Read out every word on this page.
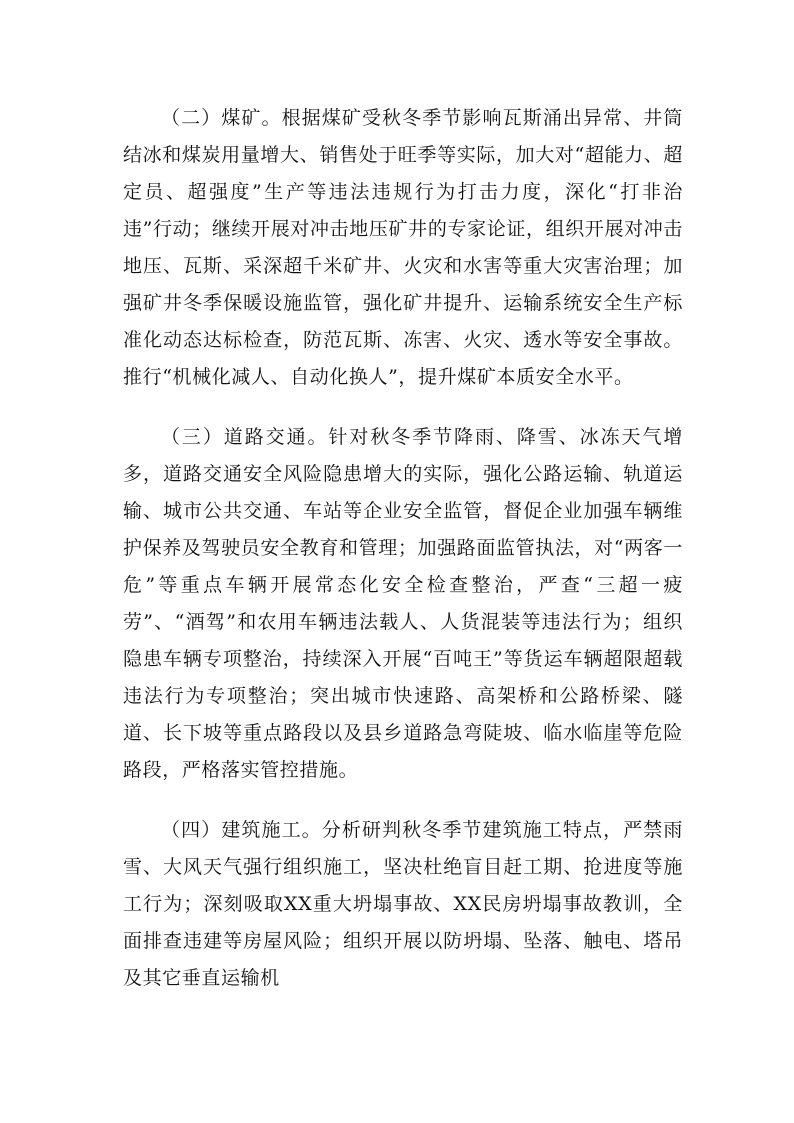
（二）煤矿。根据煤矿受秋冬季节影响瓦斯涌出异常、井筒结冰和煤炭用量增大、销售处于旺季等实际，加大对“超能力、超定员、超强度”生产等违法违规行为打击力度，深化“打非治违”行动；继续开展对冲击地压矿井的专家论证，组织开展对冲击地压、瓦斯、采深超千米矿井、火灾和水害等重大灾害治理；加强矿井冬季保暖设施监管，强化矿井提升、运输系统安全生产标准化动态达标检查，防范瓦斯、冻害、火灾、透水等安全事故。推行“机械化减人、自动化换人”，提升煤矿本质安全水平。

（三）道路交通。针对秋冬季节降雨、降雪、冰冻天气增多，道路交通安全风险隐患增大的实际，强化公路运输、轨道运输、城市公共交通、车站等企业安全监管，督促企业加强车辆维护保养及驾驶员安全教育和管理；加强路面监管执法，对“两客一危”等重点车辆开展常态化安全检查整治，严查“三超一疲劳”、“酒驾”和农用车辆违法载人、人货混装等违法行为；组织隐患车辆专项整治，持续深入开展“百吨王”等货运车辆超限超载违法行为专项整治；突出城市快速路、高架桥和公路桥梁、隧道、长下坡等重点路段以及县乡道路急弯陡坡、临水临崖等危险路段，严格落实管控措施。

（四）建筑施工。分析研判秋冬季节建筑施工特点，严禁雨雪、大风天气强行组织施工，坚决杜绝盲目赶工期、抢进度等施工行为；深刻吸取XX重大坍塌事故、XX民房坍塌事故教训，全面排查违建等房屋风险；组织开展以防坍塌、坠落、触电、塔吊及其它垂直运输机
